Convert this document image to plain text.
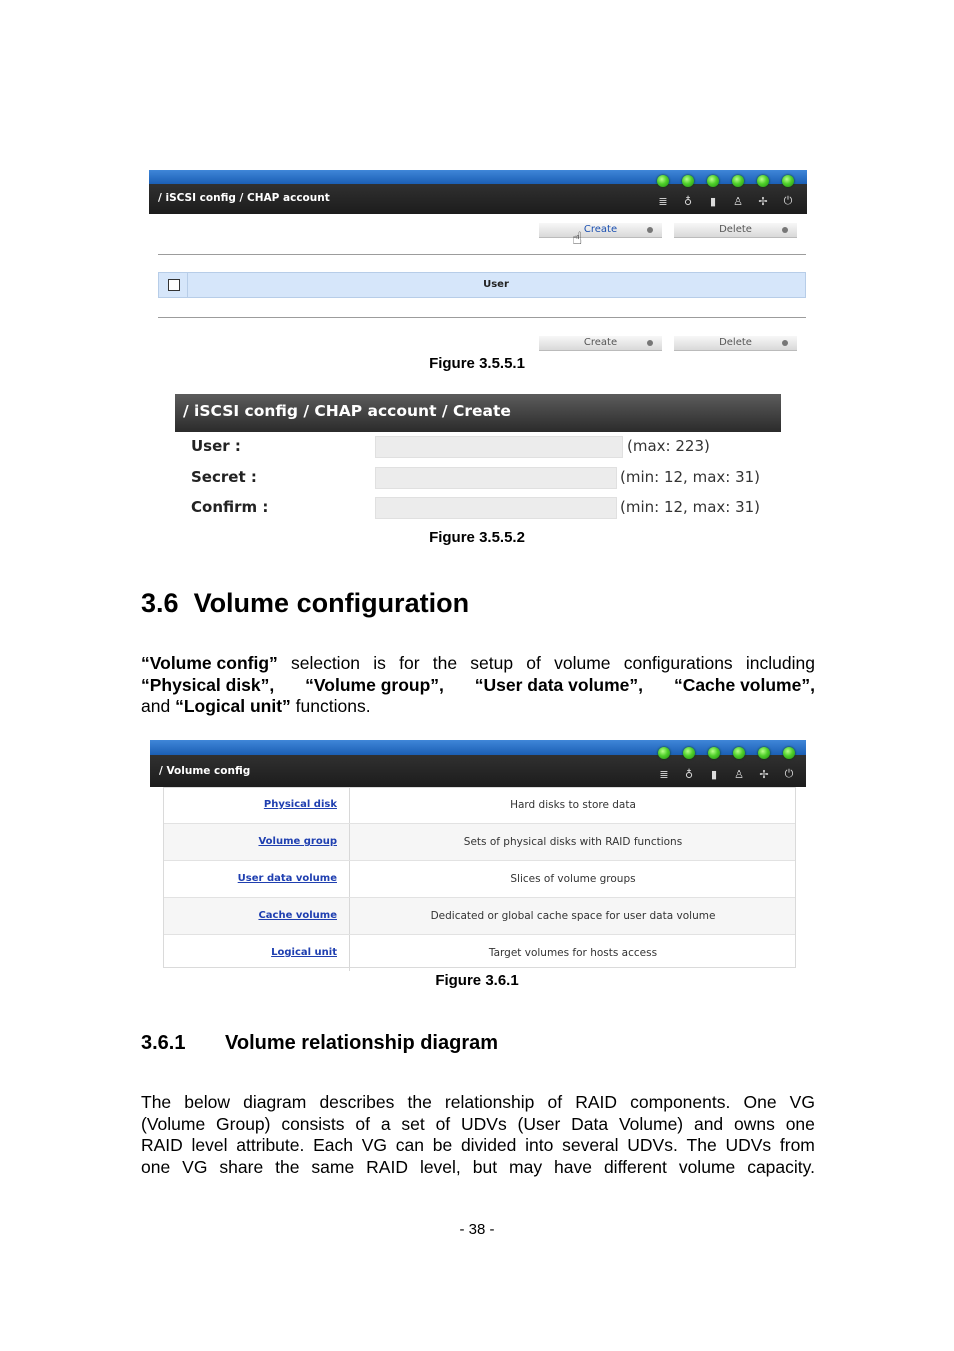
/ iSCSI config / CHAP account	≣ ♁ ▮ ♙ ✢ ⏻
Create
☝	Delete
User
Create	Delete
Figure 3.5.5.1
/ iSCSI config / CHAP account / Create
User :	(max: 223)
Secret :	(min: 12, max: 31)
Confirm :	(min: 12, max: 31)
Figure 3.5.5.2
3.6 Volume configuration
“Volume config” selection is for the setup of volume configurations including
“Physical disk”, “Volume group”, “User data volume”, “Cache volume”,
and “Logical unit” functions.
/ Volume config	≣ ♁ ▮ ♙ ✢ ⏻
Physical disk	Hard disks to store data
Volume group	Sets of physical disks with RAID functions
User data volume	Slices of volume groups
Cache volume	Dedicated or global cache space for user data volume
Logical unit	Target volumes for hosts access
Figure 3.6.1
3.6.1 Volume relationship diagram
The below diagram describes the relationship of RAID components. One VG
(Volume Group) consists of a set of UDVs (User Data Volume) and owns one
RAID level attribute. Each VG can be divided into several UDVs. The UDVs from
one VG share the same RAID level, but may have different volume capacity.
- 38 -
